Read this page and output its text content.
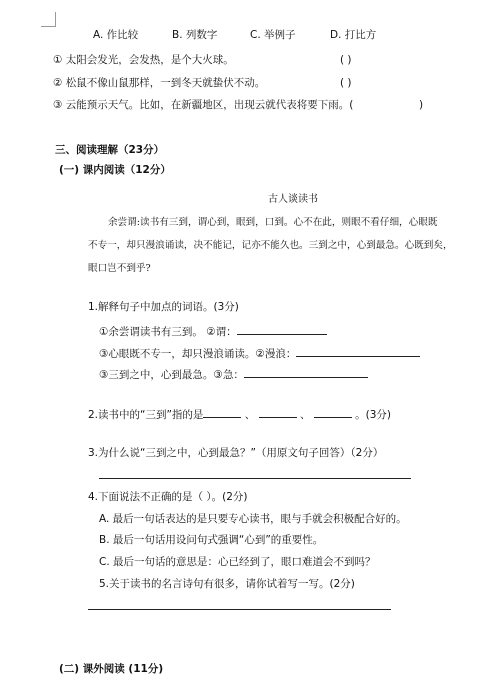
A. 作比较	B. 列数字	C. 举例子	D. 打比方
① 太阳会发光，会发热，是个大火球。	( )
② 松鼠不像山鼠那样，一到冬天就蛰伏不动。	( )
③ 云能预示天气。比如，在新疆地区，出现云就代表将要下雨。(	)
三、阅读理解（23分）
(一) 课内阅读（12分）
古人谈读书
余尝谓:读书有三到，谓心到，眼到，口到。心不在此，则眼不看仔细，心眼既
不专一，却只漫浪诵读，决不能记，记亦不能久也。三到之中，心到最急。心既到矣，
眼口岂不到乎?
1.解释句子中加点的词语。(3分)
①余尝谓读书有三到。 ②谓：
③心眼既不专一，却只漫浪诵读。②漫浪：
③三到之中，心到最急。③急：
2.读书中的“三到”指的是	、	、	。(3分)
3.为什么说“三到之中，心到最急？”（用原文句子回答）（2分）
4.下面说法不正确的是（ ）。(2分)
A. 最后一句话表达的是只要专心读书，眼与手就会积极配合好的。
B. 最后一句话用设问句式强调“心到”的重要性。
C. 最后一句话的意思是：心已经到了，眼口难道会不到吗？
5.关于读书的名言诗句有很多，请你试着写一写。(2分)
(二) 课外阅读 (11分)
